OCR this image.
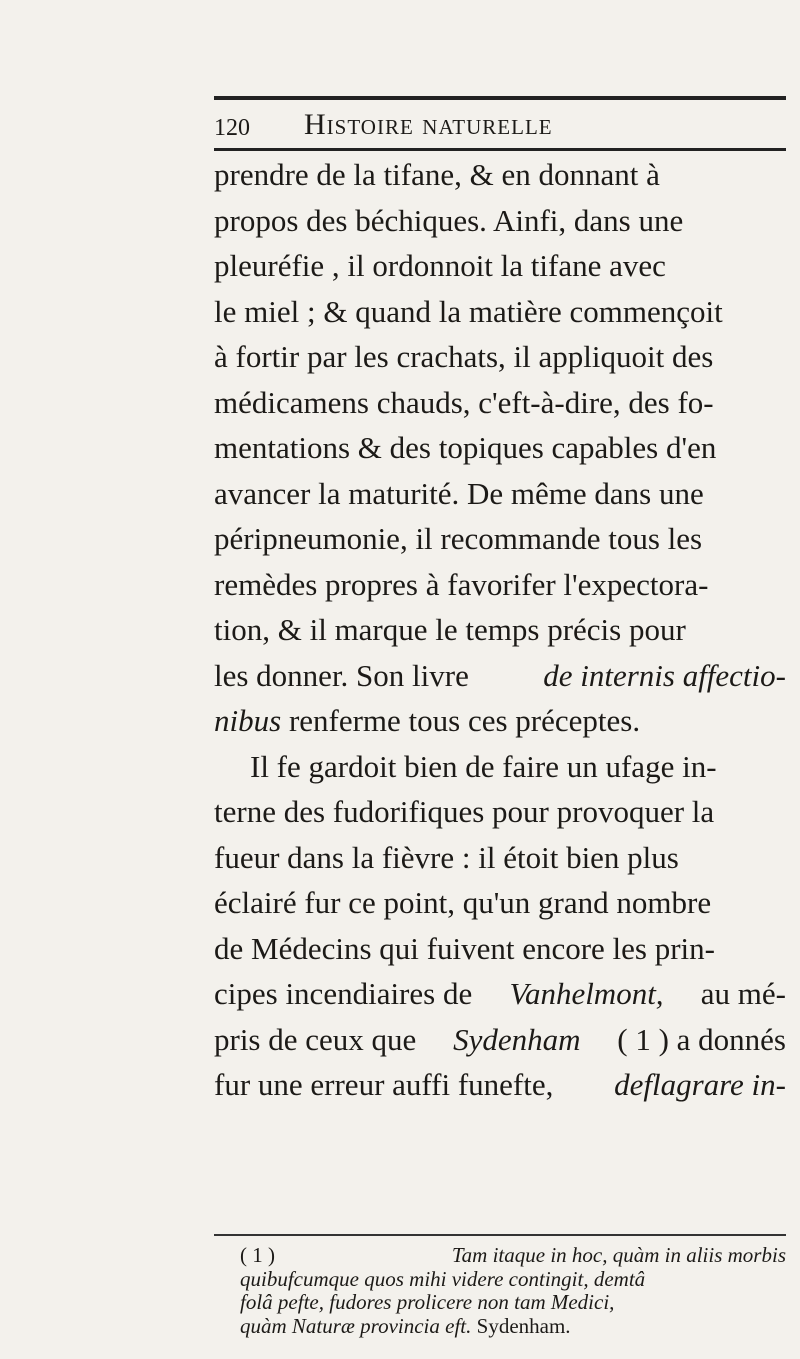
120	Histoire naturelle
prendre de la tifane, & en donnant à
propos des béchiques. Ainfi, dans une
pleuréfie , il ordonnoit la tifane avec
le miel ; & quand la matière commençoit
à fortir par les crachats, il appliquoit des
médicamens chauds, c'eft-à-dire, des fo-
mentations & des topiques capables d'en
avancer la maturité. De même dans une
péripneumonie, il recommande tous les
remèdes propres à favorifer l'expectora-
tion, & il marque le temps précis pour
les donner. Son livre
de internis affectio-
nibus
renferme tous ces préceptes.
Il fe gardoit bien de faire un ufage in-
terne des fudorifiques pour provoquer la
fueur dans la fièvre : il étoit bien plus
éclairé fur ce point, qu'un grand nombre
de Médecins qui fuivent encore les prin-
cipes incendiaires de
Vanhelmont,
au mé-
pris de ceux que
Sydenham
( 1 ) a donnés
fur une erreur auffi funefte,
deflagrare in-
( 1 )
	Tam itaque in hoc, quàm in aliis morbis
quibufcumque quos mihi videre contingit, demtâ
folâ pefte, fudores prolicere non tam Medici,
quàm Naturæ provincia eft.
Sydenham.
